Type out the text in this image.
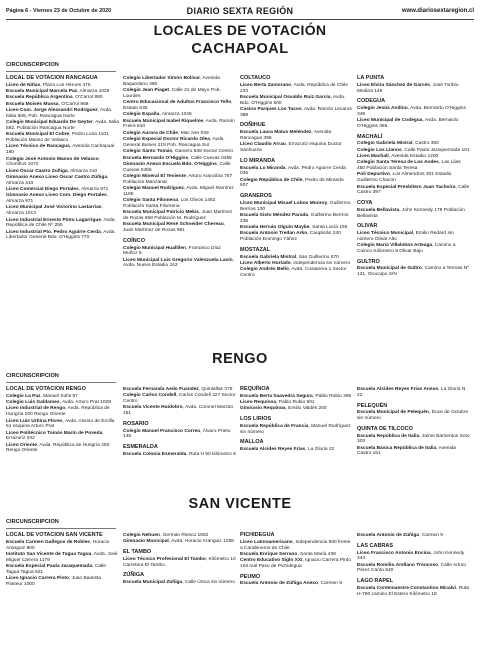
Página 6 - Viernes 23 de Octubre de 2020	DIARIO SEXTA REGIÓN	www.diariosextaregion.cl
LOCALES DE VOTACIÓN
CACHAPOAL
CIRCUNSCRIPCION
LOCAL DE VOTACION RANCAGUA
Liceo de Niñas, Plaza Los Héroes 475
Escuela Municipal Marcela Paz, Almarza 1029
Escuela República Argentina, O'Carrol 850
Escuela Moisés Mussa, O'Carrol 868
Liceo Com. Jorge Alessandri Rodríguez, Avda. Italia 608, Pob. Rancagua Norte
Colegio Municipal Eduardo De Geyter, Avda. Italia 582, Población Rancagua Norte
Escuela Municipal El Cobre, Pedro Luna 1101 Población Manso de Velasco
Liceo Técnico de Rancagua, Avenida Cachapoal 160
Colegio José Antonio Manso de Velasco, Chorrillos 1072
Liceo Óscar Castro Zuñiga, Almarza 410
Gimnasio Anexo Liceo Óscar Castro Zúñiga, Almarza 410
Liceo Comercial Diego Portales, Almarza 971
Gimnasio Anexo Liceo Com. Diego Portales, Almarza 971
Liceo Municipal José Victorino Lastarrias, Almarza 1013
Liceo Industrial Ernesto Pinto Lagarrigue, Avda. República de Chile Nº 255
Liceo Industrial Pto. Pedro Aguirre Cerda, Avda. Libertador General Bdo. O'Higgins 770
Colegio Libertador Simón Bolívar, Avenida Baquedano 390
Colegio Jean Piaget, Calle 21 de Mayo Pob. Lourdes
Centro Educacional de Adultos Francisco Tello, Estado 635
Colegio España, Almarza 1045
Escuela Municipal Isabel Riquelme, Avda. Ramón Freire 810
Colegio Aurora de Chile, Mac Iver 049
Colegio Especial Doctor Ricardo Olea, Avda. General Bulnes 219 Pob. Rancagua Sur
Colegio Santo Tomás, Gamero 638 Sector Centro
Escuela Bernardo O'Higgins, Calle Cuevas 0455
Gimnasio Anexo Escuela Bdo. O'Higgins, Calle Cuevas 0455
Colegio Mineral El Teniente, Arturo Arancibia 767 Población Manzanal
Colegio Manuel Rodríguez, Avda. Miguel Ramírez 1195
Colegio Santa Filomena, Los Olivos 1462 Población Santa Filomena
Escuela Municipal Patricio Mekis, Juan Martínez de Rozas 658 Población M. Rodríguez
Escuela Municipal René Schneider Chereau, Juan Martínez de Rozas 981
COÍNCO
Colegio Municipal Huallilen, Francisco Díaz Muñoz 5
Liceo Municipal Luis Gregorio Valenzuela Lavín, Avda. Nueva Estadio 242
COLTAUCO
Liceo Berta Zamorano, Avda. República de Chile 233
Escuela Municipal Osvaldo Ruiz García, Avda. Bdo. O'Higgins 500
Casino Parques Los Tacos, Avda. Ramón Lecaros 388
DOÑIHUE
Escuela Laura Matus Meléndez, Avenida Rancagua 398
Liceo Claudio Arrau, Errazuriz esquina Doctor Sanhueza
LO MIRANDA
Escuela Lo Miranda, Avda. Pedro Aguirre Cerda 035
Colegio República de Chile, Pedro de Miranda 607
GRANEROS
Liceo Municipal Misael Lobos Monroy, Guillermo Berríos 130
Escuela Sixto Méndez Parada, Guillermo Berríos 236
Escuela Hernán Olguín Maybe, Santa Lucía 155
Escuela Antonio Tredan Arko, Cauplicán 240 Población Domingo Yáñez
MOSTAZAL
Escuela Gabriela Mistral, San Guillermo 570
Liceo Alberto Hurtado, independencia sin número
Colegio Andrés Bello, Avda. Costanera 1 Sector Centro
LA PUNTA
Liceo Elvira Sánchez de Garcés, José Toribio Medina 149
CODEGUA
Colegio Jesús Andino, Avda. Bernardo O'Higgins 349
Liceo Municipal de Codegua, Avda. Bernardo O'Higgins 356
MACHALÍ
Colegio Gabriela Mistral, Castro 300
Colegio Los Llanos, Calle Paula Jaraquemada 101
Liceo Machalí, Avenida Estadio 1200
Colegio Santa Teresa de Los Andes, Las Lilas 450 Población Santa Teresa
Poli Deportivo, Los Almendros 301 Estadio Guillermo Chacón
Escuela Especial Presbítero Juan Tachoira, Calle Castro 397
COYA
Escuela Bellavista, John Kennedy 178 Población Bellavista
OLIVAR
Liceo Técnico Municipal, Emilio Redard sin número Olivar Alto
Colegio María Villalobos Arteaga, Camino a Coinco Kilómetro 8 Olivar Bajo
GULTRO
Escuela Municipal de Gultro, Camino a Termas Nº 121, Orocoipo S/N
RENGO
CIRCUNSCRIPCION
LOCAL DE VOTACION RENGO
Colegio La Paz, Manuel Solís 97
Colegio Luis Galdames, Avda. Arturo Prat 1028
Liceo Industrial de Rengo, Avda. República de Hungría 100 Rengo Oriente
Liceo Luis Urbina Flores, Avda. Alonso de Ercilla 51 esquina Arturo Prat
Liceo Politécnico Tomás Marín de Poveda, Errazuriz 032
Liceo Oriente, Avda. República de Hungría 250 Rengo Oriente
Escuela Fernanda Aedo Fuandez, Quintallas 375
Colegio Carlos Condell, Carlos Condell 427 Sector Centro
Escuela Vicente Huidobro, Avda. Coronel Marzan 181
ROSARIO
Colegio Manuel Francisco Correa, Álvaro Prieto 145
ESMERALDA
Escuela Colonia Esmeralda, Ruta H 50 kilómetro 6
REQUÍNOA
Escuela Berta Saavedra Segura, Pablo Rubio 395
Liceo Requínoa, Pablo Rubio 501
Gimnasio Requínoa, Emilio Valdés 200
LOS LIRIOS
Escuela República de Francia, Manuel Rodríguez sin número
MALLOA
Escuela Alcides Reyes Frías, La Gloria 22
Escuela Alcides Reyes Frías Anexo, La Gloria N 22
PELEQUÉN
Escuela Municipal de Pelequén, Doce de Octubre sin número
QUINTA DE TILCOCO
Escuela República de Italia, Jaime Barrientos Soto 303
Escuela Básica República de Italia, Avenida Castro 151
SAN VICENTE
CIRCUNSCRIPCION
LOCAL DE VOTACION SAN VICENTE
Escuela Carmen Gallegos de Robles, Horacio Aranguiz 800
Instituto San Vicente de Tagua Tagua, Avda. José Miguel Carrera 1179
Escuela Especial Paula Jaraquemada, Calle Tagua Tagua 521
Liceo Ignacio Carrera Pinto, Juan Bautista Pasteur 1000
Colegio Nehuen, Germán Riesco 1662
Gimnasio Municipal, Avda. Horacio Aranguiz 1298
EL TAMBO
Liceo Técnico Profesional El Tambo, Kilómetro 10 Carretera El Tambo
ZÚÑIGA
Escuela Municipal Zúñiga, Calle Única sin número
PICHIDEGUA
Liceo Latinoamericano, Independencia 840 frente a Carabineros de Chile
Escuela Enrique Serrano, Santa María 439
Centro Educativo Siglo XXI, Ignacio Carrera Pinto 104 mal Paso de Pichidegua
PEUMO
Escuela Antonio de Zúñiga Anexo, Carmen 9
Escuela Antonio de Zúñiga, Carmen 9
LAS CABRAS
Liceo Francisco Antonio Encina, John Kennedy 344
Escuela Romilio Arellano Troncoso, Calle Arturo Pérez Canto 640
LAGO RAPEL
Escuela Contemaestre Constantino Micalvi, Ruta H-790 camino El Estero Kilómetro 18
